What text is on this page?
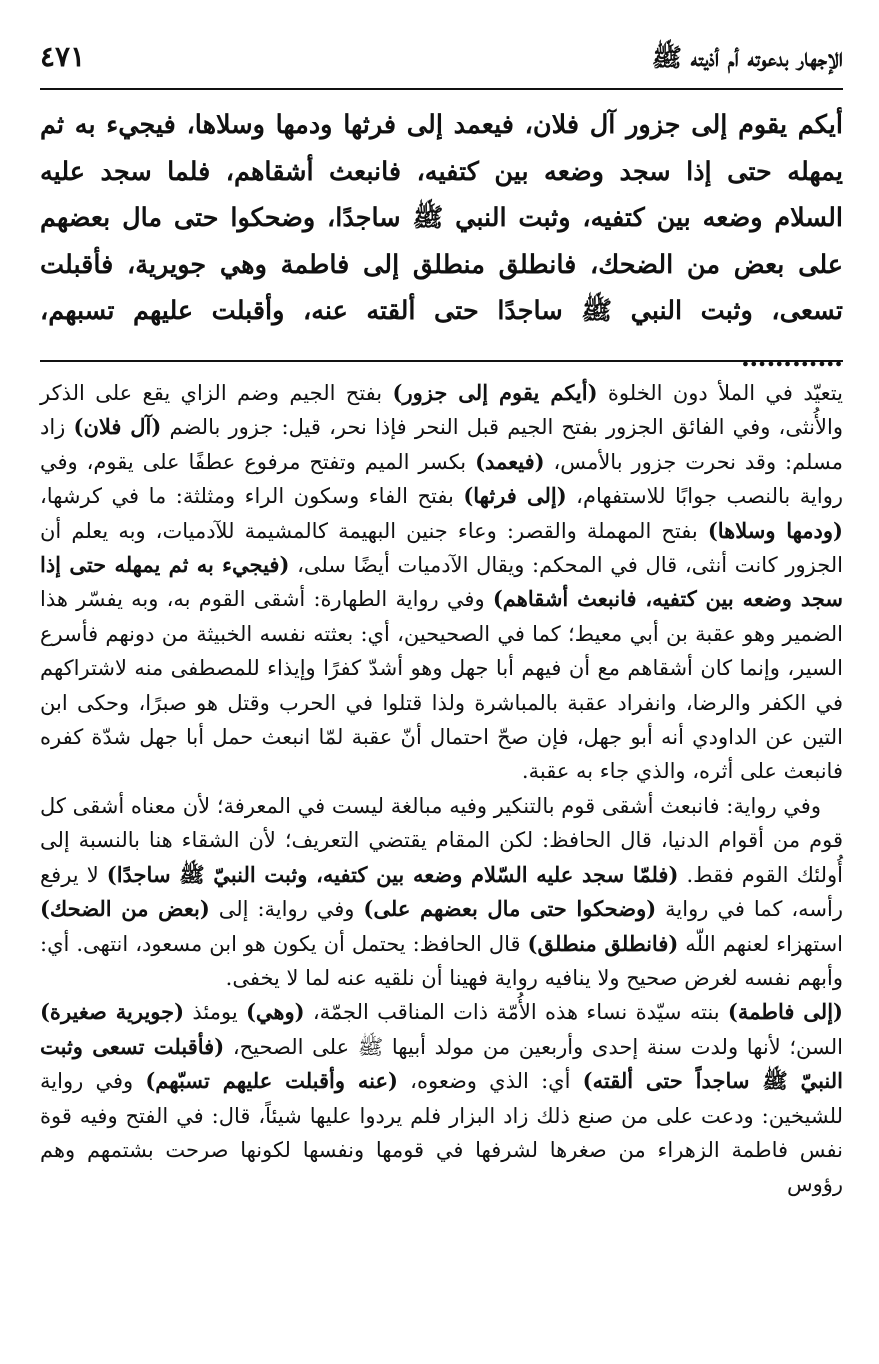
الإجهار بدعوته أم أذيته ﷺ
٤٧١
أيكم يقوم إلى جزور آل فلان، فيعمد إلى فرثها ودمها وسلاها، فيجيء به ثم يمهله حتى إذا سجد وضعه بين كتفيه، فانبعث أشقاهم، فلما سجد عليه السلام وضعه بين كتفيه، وثبت النبي ﷺ ساجدًا، وضحكوا حتى مال بعضهم على بعض من الضحك، فانطلق منطلق إلى فاطمة وهي جويرية، فأقبلت تسعى، وثبت النبي ﷺ ساجدًا حتى ألقته عنه، وأقبلت عليهم تسبهم، …………

يتعيّد في الملأ دون الخلوة (أيكم يقوم إلى جزور) بفتح الجيم وضم الزاي يقع على الذكر والأُنثى، وفي الفائق الجزور بفتح الجيم قبل النحر فإذا نحر، قيل: جزور بالضم (آل فلان) زاد مسلم: وقد نحرت جزور بالأمس، (فيعمد) بكسر الميم وتفتح مرفوع عطفًا على يقوم، وفي رواية بالنصب جوابًا للاستفهام، (إلى فرثها) بفتح الفاء وسكون الراء ومثلثة: ما في كرشها، (ودمها وسلاها) بفتح المهملة والقصر: وعاء جنين البهيمة كالمشيمة للآدميات، وبه يعلم أن الجزور كانت أنثى، قال في المحكم: ويقال الآدميات أيضًا سلى، (فيجيء به ثم يمهله حتى إذا سجد وضعه بين كتفيه، فانبعث أشقاهم) وفي رواية الطهارة: أشقى القوم به، وبه يفسّر هذا الضمير وهو عقبة بن أبي معيط؛ كما في الصحيحين، أي: بعثته نفسه الخبيثة من دونهم فأسرع السير، وإنما كان أشقاهم مع أن فيهم أبا جهل وهو أشدّ كفرًا وإيذاء للمصطفى منه لاشتراكهم في الكفر والرضا، وانفراد عقبة بالمباشرة ولذا قتلوا في الحرب وقتل هو صبرًا، وحكى ابن التين عن الداودي أنه أبو جهل، فإن صحّ احتمال أنّ عقبة لمّا انبعث حمل أبا جهل شدّة كفره فانبعث على أثره، والذي جاء به عقبة.

وفي رواية: فانبعث أشقى قوم بالتنكير وفيه مبالغة ليست في المعرفة؛ لأن معناه أشقى كل قوم من أقوام الدنيا، قال الحافظ: لكن المقام يقتضي التعريف؛ لأن الشقاء هنا بالنسبة إلى أُولئك القوم فقط. (فلمّا سجد عليه السّلام وضعه بين كتفيه، وثبت النبيّ ﷺ ساجدًا) لا يرفع رأسه، كما في رواية (وضحكوا حتى مال بعضهم على) وفي رواية: إلى (بعض من الضحك) استهزاء لعنهم اللّه (فانطلق منطلق) قال الحافظ: يحتمل أن يكون هو ابن مسعود، انتهى. أي: وأبهم نفسه لغرض صحيح ولا ينافيه رواية فهينا أن نلقيه عنه لما لا يخفى.

(إلى فاطمة) بنته سيّدة نساء هذه الأُمّة ذات المناقب الجمّة، (وهي) يومئذ (جويرية صغيرة) السن؛ لأنها ولدت سنة إحدى وأربعين من مولد أبيها ﷺ على الصحيح، (فأقبلت تسعى وثبت النبيّ ﷺ ساجداً حتى ألقته) أي: الذي وضعوه، (عنه وأقبلت عليهم تسبّهم) وفي رواية للشيخين: ودعت على من صنع ذلك زاد البزار فلم يردوا عليها شيئاً، قال: في الفتح وفيه قوة نفس فاطمة الزهراء من صغرها لشرفها في قومها ونفسها لكونها صرحت بشتمهم وهم رؤوس
